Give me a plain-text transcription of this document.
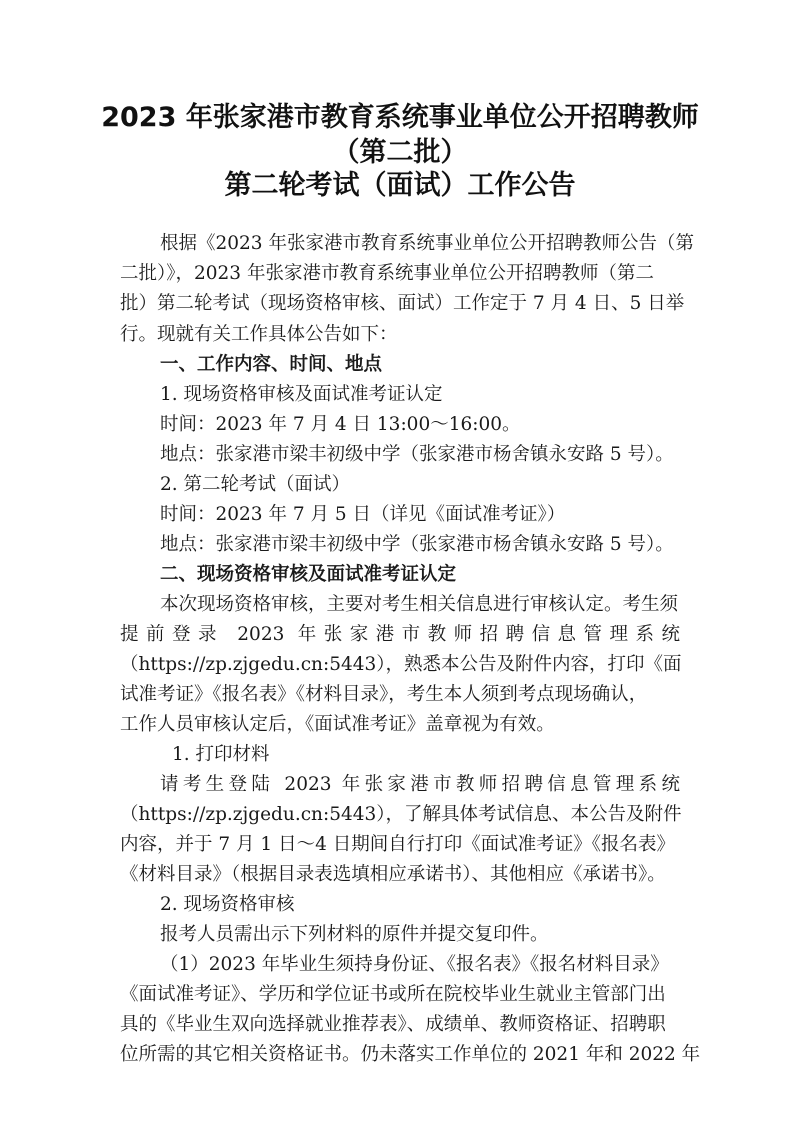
2023 年张家港市教育系统事业单位公开招聘教师
（第二批）
第二轮考试（面试）工作公告
根据《2023 年张家港市教育系统事业单位公开招聘教师公告（第
二批）》，2023 年张家港市教育系统事业单位公开招聘教师（第二
批）第二轮考试（现场资格审核、面试）工作定于 7 月 4 日、5 日举
行。现就有关工作具体公告如下：
一、工作内容、时间、地点
1. 现场资格审核及面试准考证认定
时间：2023 年 7 月 4 日 13:00～16:00。
地点：张家港市梁丰初级中学（张家港市杨舍镇永安路 5 号）。
2. 第二轮考试（面试）
时间：2023 年 7 月 5 日（详见《面试准考证》）
地点：张家港市梁丰初级中学（张家港市杨舍镇永安路 5 号）。
二、现场资格审核及面试准考证认定
本次现场资格审核，主要对考生相关信息进行审核认定。考生须
提前登录 2023 年张家港市教师招聘信息管理系统
（https://zp.zjgedu.cn:5443），熟悉本公告及附件内容，打印《面
试准考证》《报名表》《材料目录》，考生本人须到考点现场确认，
工作人员审核认定后，《面试准考证》盖章视为有效。
1. 打印材料
请考生登陆 2023 年张家港市教师招聘信息管理系统
（https://zp.zjgedu.cn:5443），了解具体考试信息、本公告及附件
内容，并于 7 月 1 日～4 日期间自行打印《面试准考证》《报名表》
《材料目录》（根据目录表选填相应承诺书）、其他相应《承诺书》。
2. 现场资格审核
报考人员需出示下列材料的原件并提交复印件。
（1）2023 年毕业生须持身份证、《报名表》《报名材料目录》
《面试准考证》、学历和学位证书或所在院校毕业生就业主管部门出
具的《毕业生双向选择就业推荐表》、成绩单、教师资格证、招聘职
位所需的其它相关资格证书。仍未落实工作单位的 2021 年和 2022 年
